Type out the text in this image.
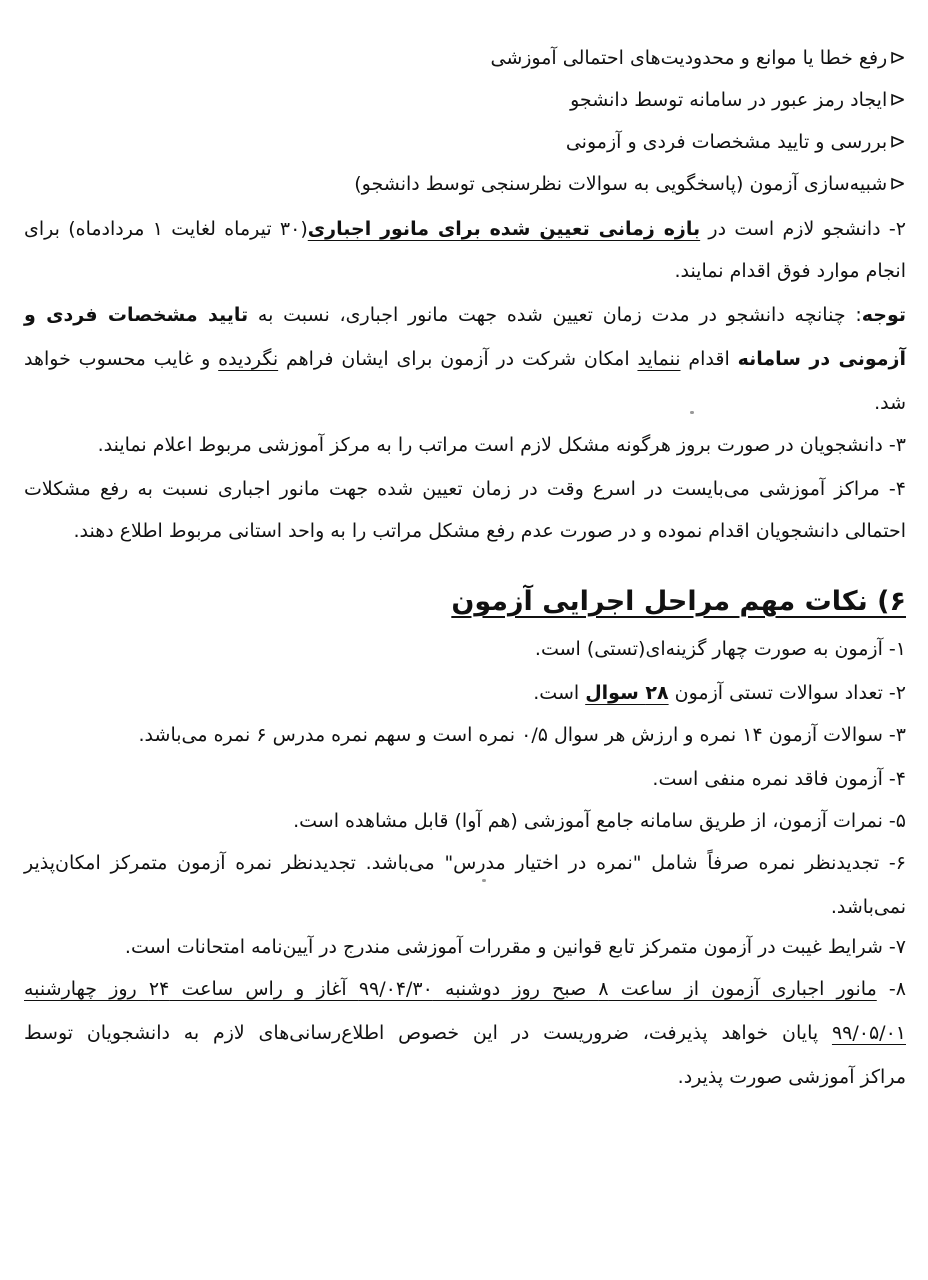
⊲رفع خطا یا موانع و محدودیت‌های احتمالی آموزشی
⊲ایجاد رمز عبور در سامانه توسط دانشجو
⊲بررسی و تایید مشخصات فردی و آزمونی
⊲شبیه‌سازی آزمون (پاسخگویی به سوالات نظرسنجی توسط دانشجو)
۲- دانشجو لازم است در بازه زمانی تعیین شده برای مانور اجباری(۳۰ تیرماه لغایت ۱ مردادماه) برای
انجام موارد فوق اقدام نمایند.
توجه: چنانچه دانشجو در مدت زمان تعیین شده جهت مانور اجباری، نسبت به تایید مشخصات فردی و
آزمونی در سامانه اقدام ننماید امکان شرکت در آزمون برای ایشان فراهم نگردیده و غایب محسوب خواهد
شد.
۳- دانشجویان در صورت بروز هرگونه مشکل لازم است مراتب را به مرکز آموزشی مربوط اعلام نمایند.
۴- مراکز آموزشی می‌بایست در اسرع وقت در زمان تعیین شده جهت مانور اجباری نسبت به رفع مشکلات
احتمالی دانشجویان اقدام نموده و در صورت عدم رفع مشکل مراتب را به واحد استانی مربوط اطلاع دهند.
۶) نکات مهم مراحل اجرایی آزمون
۱- آزمون به صورت چهار گزینه‌ای(تستی) است.
۲- تعداد سوالات تستی آزمون ۲۸ سوال است.
۳- سوالات آزمون ۱۴ نمره و ارزش هر سوال ۰/۵ نمره است و سهم نمره مدرس ۶ نمره می‌باشد.
۴- آزمون فاقد نمره منفی است.
۵- نمرات آزمون، از طریق سامانه جامع آموزشی (هم آوا) قابل مشاهده است.
۶- تجدیدنظر نمره صرفاً شامل "نمره در اختیار مدرس" می‌باشد. تجدیدنظر نمره آزمون متمرکز امکان‌پذیر
نمی‌باشد.
۷- شرایط غیبت در آزمون متمرکز تابع قوانین و مقررات آموزشی مندرج در آیین‌نامه امتحانات است.
۸- مانور اجباری آزمون از ساعت ۸ صبح روز دوشنبه ۹۹/۰۴/۳۰ آغاز و راس ساعت ۲۴ روز چهارشنبه
۹۹/۰۵/۰۱ پایان خواهد پذیرفت، ضروریست در این خصوص اطلاع‌رسانی‌های لازم به دانشجویان توسط
مراکز آموزشی صورت پذیرد.
